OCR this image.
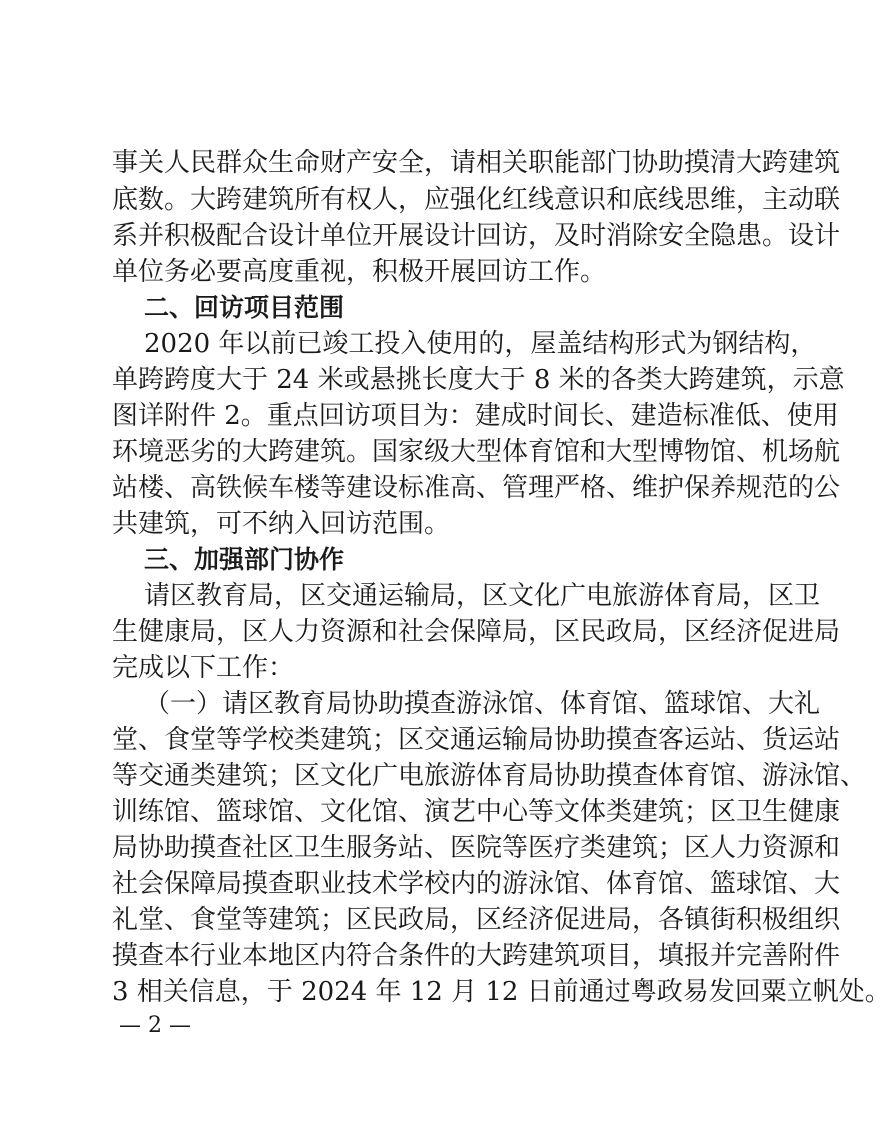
事关人民群众生命财产安全，请相关职能部门协助摸清大跨建筑
底数。大跨建筑所有权人，应强化红线意识和底线思维，主动联
系并积极配合设计单位开展设计回访，及时消除安全隐患。设计
单位务必要高度重视，积极开展回访工作。
二、回访项目范围
2020 年以前已竣工投入使用的，屋盖结构形式为钢结构，
单跨跨度大于 24 米或悬挑长度大于 8 米的各类大跨建筑，示意
图详附件 2。重点回访项目为：建成时间长、建造标准低、使用
环境恶劣的大跨建筑。国家级大型体育馆和大型博物馆、机场航
站楼、高铁候车楼等建设标准高、管理严格、维护保养规范的公
共建筑，可不纳入回访范围。
三、加强部门协作
请区教育局，区交通运输局，区文化广电旅游体育局，区卫
生健康局，区人力资源和社会保障局，区民政局，区经济促进局
完成以下工作：
（一）请区教育局协助摸查游泳馆、体育馆、篮球馆、大礼
堂、食堂等学校类建筑；区交通运输局协助摸查客运站、货运站
等交通类建筑；区文化广电旅游体育局协助摸查体育馆、游泳馆、
训练馆、篮球馆、文化馆、演艺中心等文体类建筑；区卫生健康
局协助摸查社区卫生服务站、医院等医疗类建筑；区人力资源和
社会保障局摸查职业技术学校内的游泳馆、体育馆、篮球馆、大
礼堂、食堂等建筑；区民政局，区经济促进局，各镇街积极组织
摸查本行业本地区内符合条件的大跨建筑项目，填报并完善附件
3 相关信息，于 2024 年 12 月 12 日前通过粤政易发回粟立帆处。
— 2 —
